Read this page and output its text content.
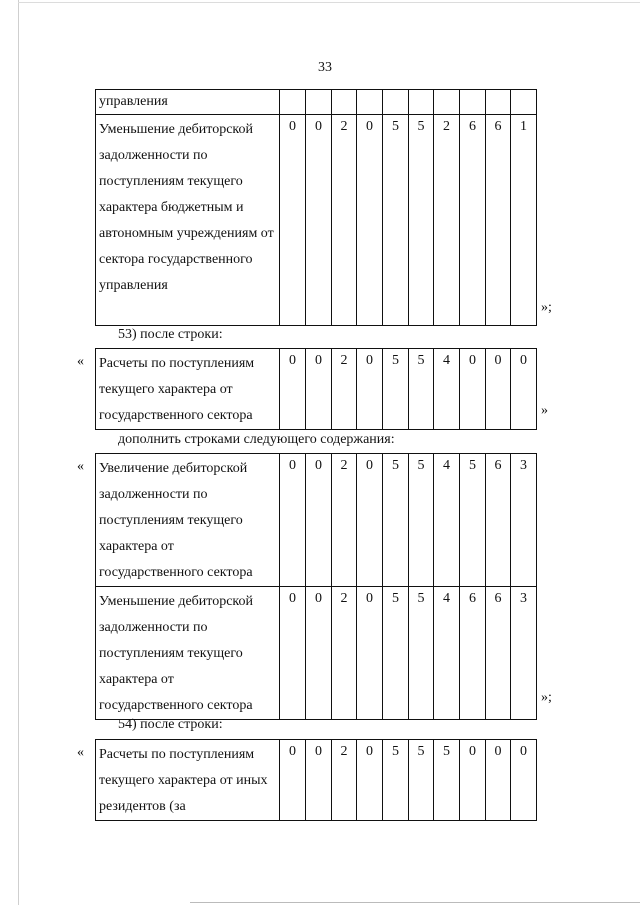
33
управления										
Уменьшение дебиторской задолженности по поступлениям текущего характера бюджетным и автономным учреждениям от сектора государственного управления	0	0	2	0	5	5	2	6	6	1
»;
53) после строки:
« Расчеты по поступлениям текущего характера от государственного сектора	0	0	2	0	5	5	4	0	0	0
»
дополнить строками следующего содержания:
« Увеличение дебиторской задолженности по поступлениям текущего характера от государственного сектора	0	0	2	0	5	5	4	5	6	3
Уменьшение дебиторской задолженности по поступлениям текущего характера от государственного сектора	0	0	2	0	5	5	4	6	6	3
»;
54) после строки:
« Расчеты по поступлениям текущего характера от иных резидентов (за	0	0	2	0	5	5	5	0	0	0
